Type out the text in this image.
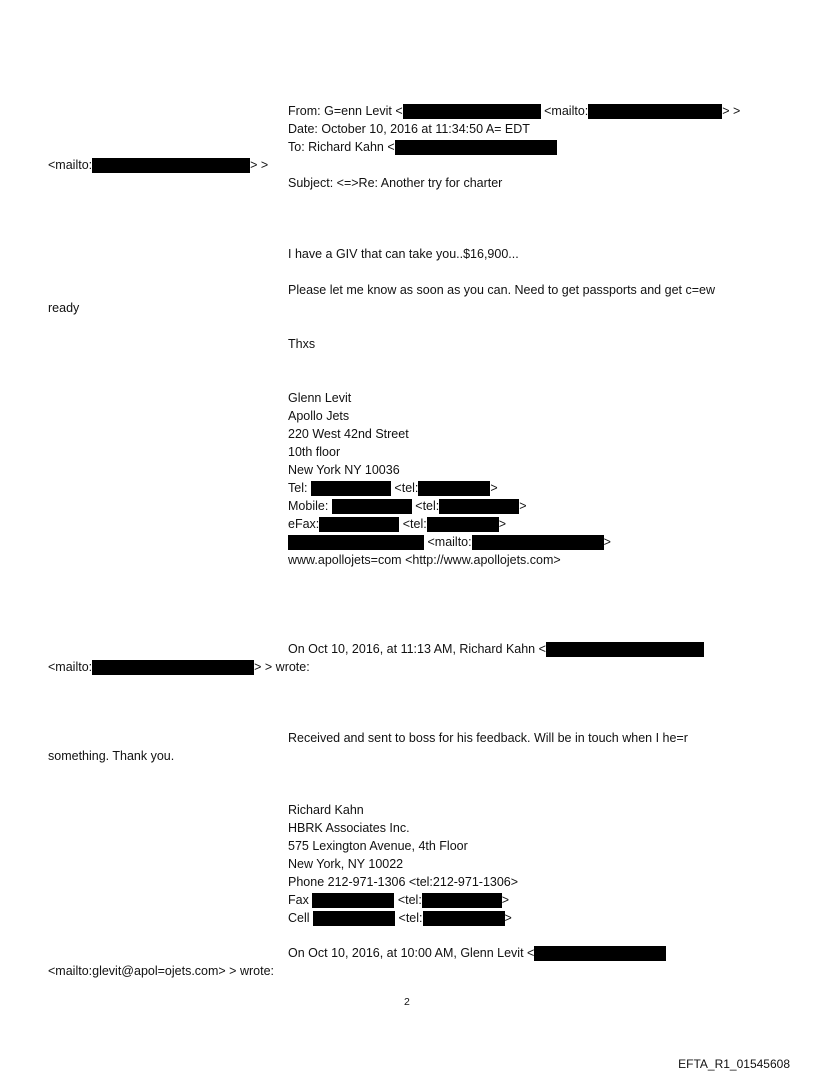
From: G=enn Levit <	<mailto:	> >
Date: October 10, 2016 at 11:34:50 A= EDT
To: Richard Kahn <
<mailto:	> >
Subject: <=>Re: Another try for charter
I have a GIV that can take you..$16,900...
Please let me know as soon as you can. Need to get passports and get c=ew
ready
Thxs
Glenn Levit
Apollo Jets
220 West 42nd Street
10th floor
New York NY 10036
Tel:	<tel:	>
Mobile:	<tel:	>
eFax:	<tel:	>
<mailto:	>
www.apollojets=com <http://www.apollojets.com>
On Oct 10, 2016, at 11:13 AM, Richard Kahn <
<mailto:	> > wrote:
Received and sent to boss for his feedback. Will be in touch when I he=r
something. Thank you.
Richard Kahn
HBRK Associates Inc.
575 Lexington Avenue, 4th Floor
New York, NY 10022
Phone 212-971-1306 <tel:212-971-1306>
Fax	<tel:	>
Cell	<tel:	>
On Oct 10, 2016, at 10:00 AM, Glenn Levit <
<mailto:glevit@apol=ojets.com> > wrote:
2
EFTA_R1_01545608
